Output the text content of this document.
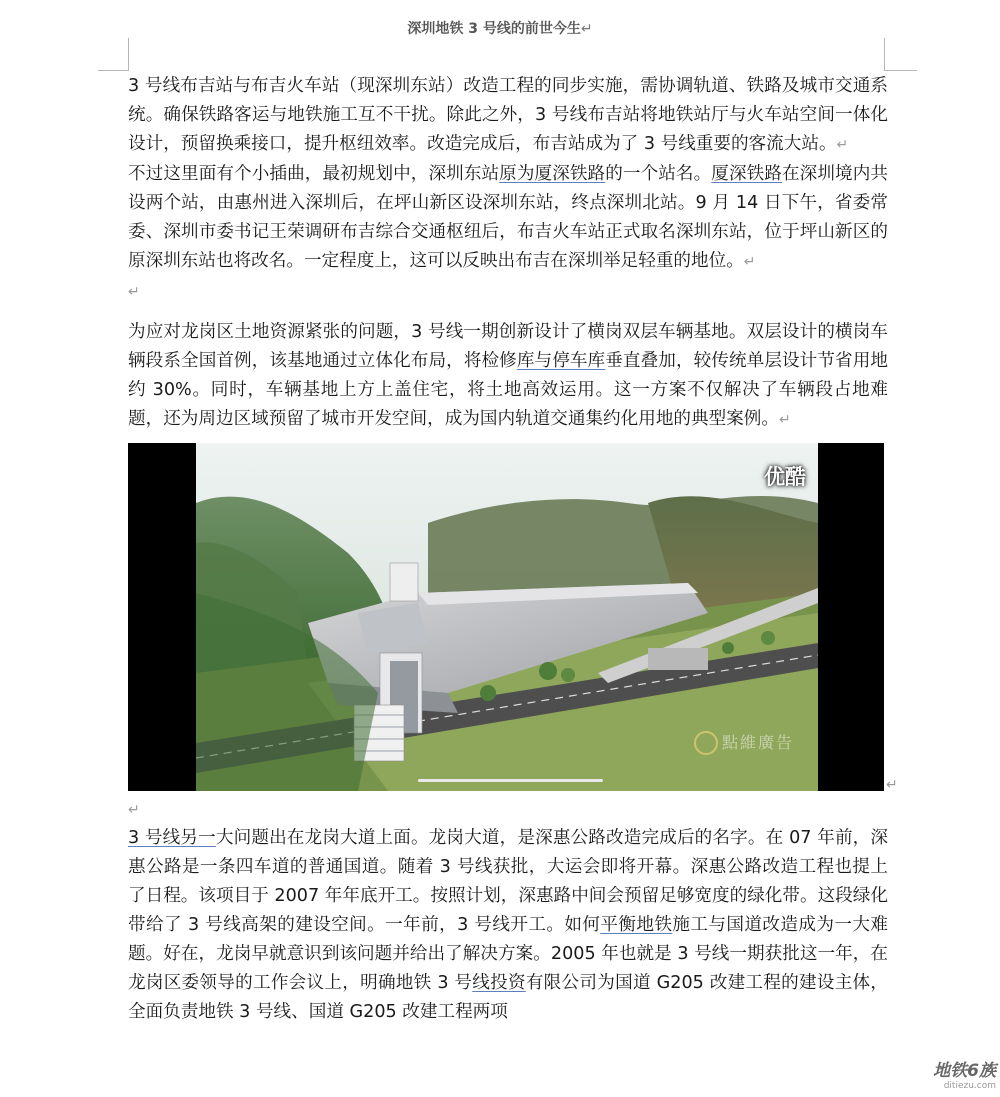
深圳地铁 3 号线的前世今生↵

3 号线布吉站与布吉火车站（现深圳东站）改造工程的同步实施，需协调轨道、铁路及城市交通系统。确保铁路客运与地铁施工互不干扰。除此之外，3 号线布吉站将地铁站厅与火车站空间一体化设计，预留换乘接口，提升枢纽效率。改造完成后，布吉站成为了 3 号线重要的客流大站。↵

不过这里面有个小插曲，最初规划中，深圳东站原为厦深铁路的一个站名。厦深铁路在深圳境内共设两个站，由惠州进入深圳后，在坪山新区设深圳东站，终点深圳北站。9 月 14 日下午，省委常委、深圳市委书记王荣调研布吉综合交通枢纽后，布吉火车站正式取名深圳东站，位于坪山新区的原深圳东站也将改名。一定程度上，这可以反映出布吉在深圳举足轻重的地位。↵

↵

为应对龙岗区土地资源紧张的问题，3 号线一期创新设计了横岗双层车辆基地。双层设计的横岗车辆段系全国首例，该基地通过立体化布局，将检修库与停车库垂直叠加，较传统单层设计节省用地约 30%。同时，车辆基地上方上盖住宅，将土地高效运用。这一方案不仅解决了车辆段占地难题，还为周边区域预留了城市开发空间，成为国内轨道交通集约化用地的典型案例。↵

优酷
點維廣告
↵

↵

3 号线另一大问题出在龙岗大道上面。龙岗大道，是深惠公路改造完成后的名字。在 07 年前，深惠公路是一条四车道的普通国道。随着 3 号线获批，大运会即将开幕。深惠公路改造工程也提上了日程。该项目于 2007 年年底开工。按照计划，深惠路中间会预留足够宽度的绿化带。这段绿化带给了 3 号线高架的建设空间。一年前，3 号线开工。如何平衡地铁施工与国道改造成为一大难题。好在，龙岗早就意识到该问题并给出了解决方案。2005 年也就是 3 号线一期获批这一年，在龙岗区委领导的工作会议上，明确地铁 3 号线投资有限公司为国道 G205 改建工程的建设主体，全面负责地铁 3 号线、国道 G205 改建工程两项

地铁6族
ditiezu.com
